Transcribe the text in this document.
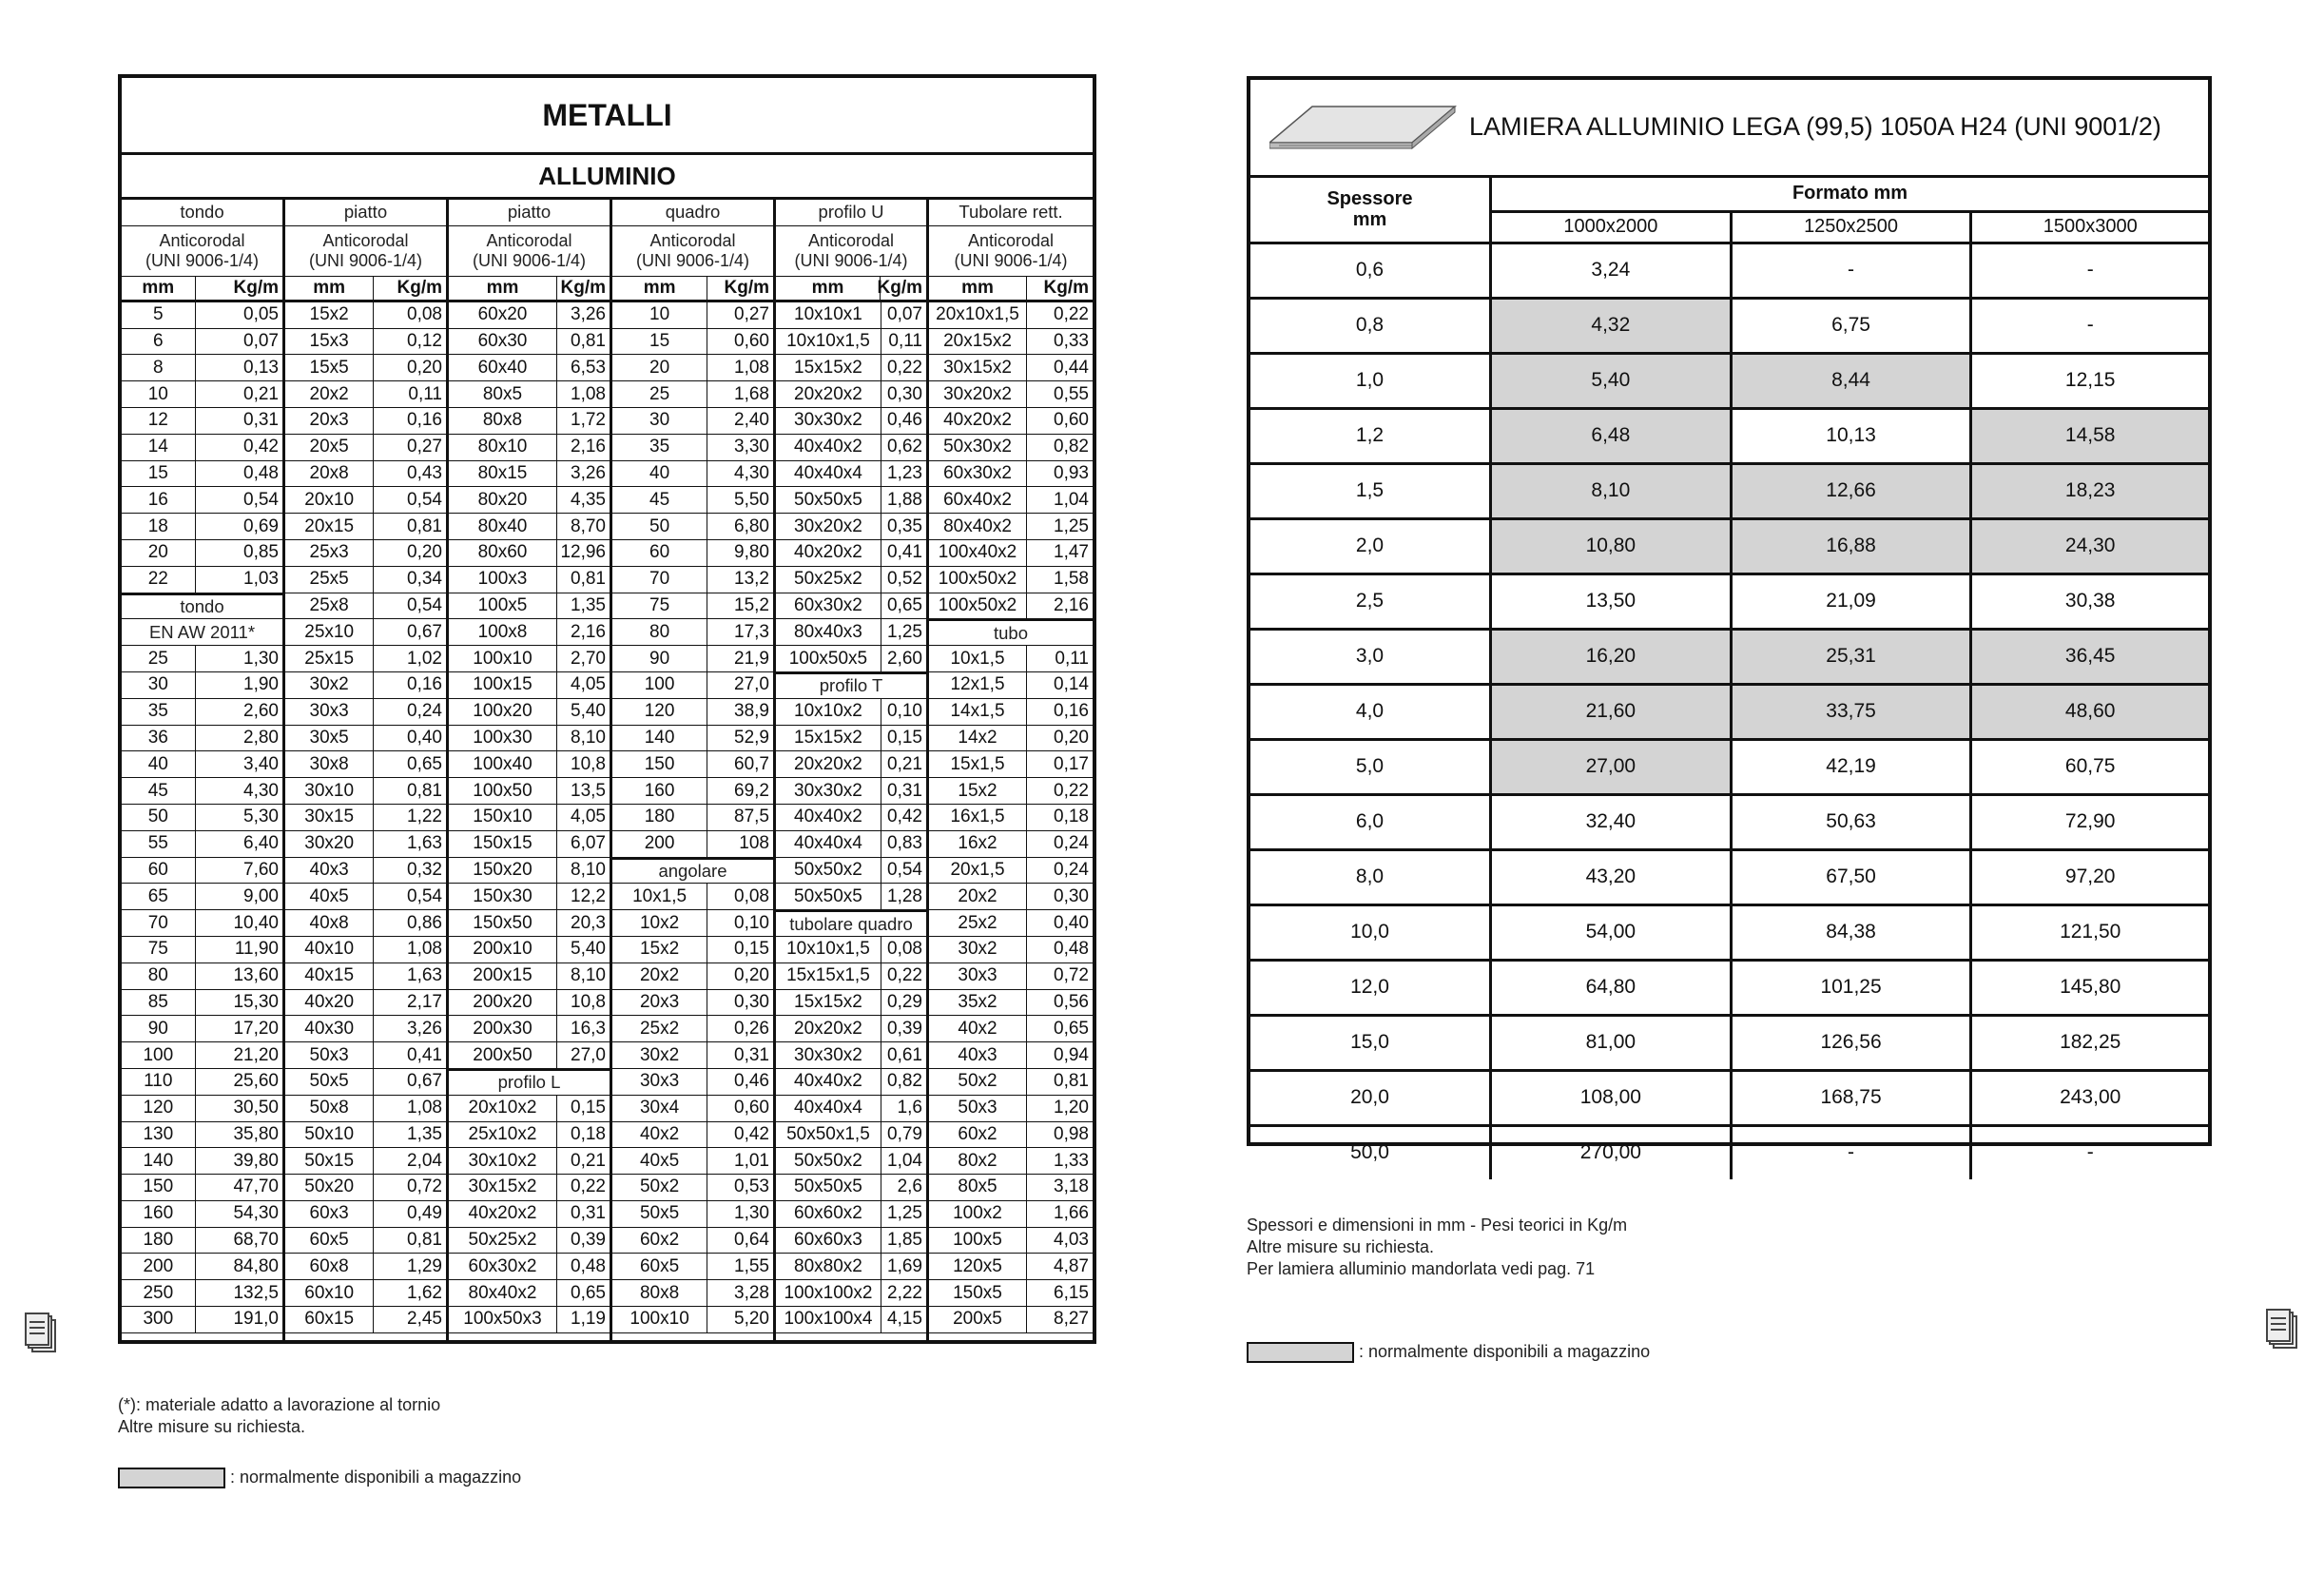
METALLI
ALLUMINIO
tondo
Anticorodal
(UNI 9006-1/4)
mm	Kg/m
5	0,05
6	0,07
8	0,13
10	0,21
12	0,31
14	0,42
15	0,48
16	0,54
18	0,69
20	0,85
22	1,03
tondo
EN AW 2011*
25	1,30
30	1,90
35	2,60
36	2,80
40	3,40
45	4,30
50	5,30
55	6,40
60	7,60
65	9,00
70	10,40
75	11,90
80	13,60
85	15,30
90	17,20
100	21,20
110	25,60
120	30,50
130	35,80
140	39,80
150	47,70
160	54,30
180	68,70
200	84,80
250	132,5
300	191,0
piatto
Anticorodal
(UNI 9006-1/4)
mm	Kg/m
15x2	0,08
15x3	0,12
15x5	0,20
20x2	0,11
20x3	0,16
20x5	0,27
20x8	0,43
20x10	0,54
20x15	0,81
25x3	0,20
25x5	0,34
25x8	0,54
25x10	0,67
25x15	1,02
30x2	0,16
30x3	0,24
30x5	0,40
30x8	0,65
30x10	0,81
30x15	1,22
30x20	1,63
40x3	0,32
40x5	0,54
40x8	0,86
40x10	1,08
40x15	1,63
40x20	2,17
40x30	3,26
50x3	0,41
50x5	0,67
50x8	1,08
50x10	1,35
50x15	2,04
50x20	0,72
60x3	0,49
60x5	0,81
60x8	1,29
60x10	1,62
60x15	2,45
piatto
Anticorodal
(UNI 9006-1/4)
mm	Kg/m
60x20	3,26
60x30	0,81
60x40	6,53
80x5	1,08
80x8	1,72
80x10	2,16
80x15	3,26
80x20	4,35
80x40	8,70
80x60	12,96
100x3	0,81
100x5	1,35
100x8	2,16
100x10	2,70
100x15	4,05
100x20	5,40
100x30	8,10
100x40	10,8
100x50	13,5
150x10	4,05
150x15	6,07
150x20	8,10
150x30	12,2
150x50	20,3
200x10	5,40
200x15	8,10
200x20	10,8
200x30	16,3
200x50	27,0
profilo L
20x10x2	0,15
25x10x2	0,18
30x10x2	0,21
30x15x2	0,22
40x20x2	0,31
50x25x2	0,39
60x30x2	0,48
80x40x2	0,65
100x50x3	1,19
quadro
Anticorodal
(UNI 9006-1/4)
mm	Kg/m
10	0,27
15	0,60
20	1,08
25	1,68
30	2,40
35	3,30
40	4,30
45	5,50
50	6,80
60	9,80
70	13,2
75	15,2
80	17,3
90	21,9
100	27,0
120	38,9
140	52,9
150	60,7
160	69,2
180	87,5
200	108
angolare
10x1,5	0,08
10x2	0,10
15x2	0,15
20x2	0,20
20x3	0,30
25x2	0,26
30x2	0,31
30x3	0,46
30x4	0,60
40x2	0,42
40x5	1,01
50x2	0,53
50x5	1,30
60x2	0,64
60x5	1,55
80x8	3,28
100x10	5,20
profilo U
Anticorodal
(UNI 9006-1/4)
mm	Kg/m
10x10x1	0,07
10x10x1,5	0,11
15x15x2	0,22
20x20x2	0,30
30x30x2	0,46
40x40x2	0,62
40x40x4	1,23
50x50x5	1,88
30x20x2	0,35
40x20x2	0,41
50x25x2	0,52
60x30x2	0,65
80x40x3	1,25
100x50x5	2,60
profilo T
10x10x2	0,10
15x15x2	0,15
20x20x2	0,21
30x30x2	0,31
40x40x2	0,42
40x40x4	0,83
50x50x2	0,54
50x50x5	1,28
tubolare quadro
10x10x1,5 0,08
15x15x1,5 0,22
15x15x2	0,29
20x20x2	0,39
30x30x2	0,61
40x40x2	0,82
40x40x4	1,6
50x50x1,5 0,79
50x50x2	1,04
50x50x5	2,6
60x60x2	1,25
60x60x3	1,85
80x80x2	1,69
100x100x2 2,22
100x100x4 4,15
Tubolare rett.
Anticorodal
(UNI 9006-1/4)
mm	Kg/m
20x10x1,5	0,22
20x15x2	0,33
30x15x2	0,44
30x20x2	0,55
40x20x2	0,60
50x30x2	0,82
60x30x2	0,93
60x40x2	1,04
80x40x2	1,25
100x40x2	1,47
100x50x2	1,58
100x50x2	2,16
tubo
10x1,5	0,11
12x1,5	0,14
14x1,5	0,16
14x2	0,20
15x1,5	0,17
15x2	0,22
16x1,5	0,18
16x2	0,24
20x1,5	0,24
20x2	0,30
25x2	0,40
30x2	0,48
30x3	0,72
35x2	0,56
40x2	0,65
40x3	0,94
50x2	0,81
50x3	1,20
60x2	0,98
80x2	1,33
80x5	3,18
100x2	1,66
100x5	4,03
120x5	4,87
150x5	6,15
200x5	8,27
(*): materiale adatto a lavorazione al tornio
Altre misure su richiesta.
: normalmente disponibili a magazzino
LAMIERA ALLUMINIO LEGA (99,5) 1050A H24 (UNI 9001/2)
Spessore
mm	Formato mm		
	1000x2000	1250x2500	1500x3000
0,6	3,24	-	-
0,8	4,32	6,75	-
1,0	5,40	8,44	12,15
1,2	6,48	10,13	14,58
1,5	8,10	12,66	18,23
2,0	10,80	16,88	24,30
2,5	13,50	21,09	30,38
3,0	16,20	25,31	36,45
4,0	21,60	33,75	48,60
5,0	27,00	42,19	60,75
6,0	32,40	50,63	72,90
8,0	43,20	67,50	97,20
10,0	54,00	84,38	121,50
12,0	64,80	101,25	145,80
15,0	81,00	126,56	182,25
20,0	108,00	168,75	243,00
50,0	270,00	-	-
Spessori e dimensioni in mm - Pesi teorici in Kg/m
Altre misure su richiesta.
Per lamiera alluminio mandorlata vedi pag. 71
: normalmente disponibili a magazzino
